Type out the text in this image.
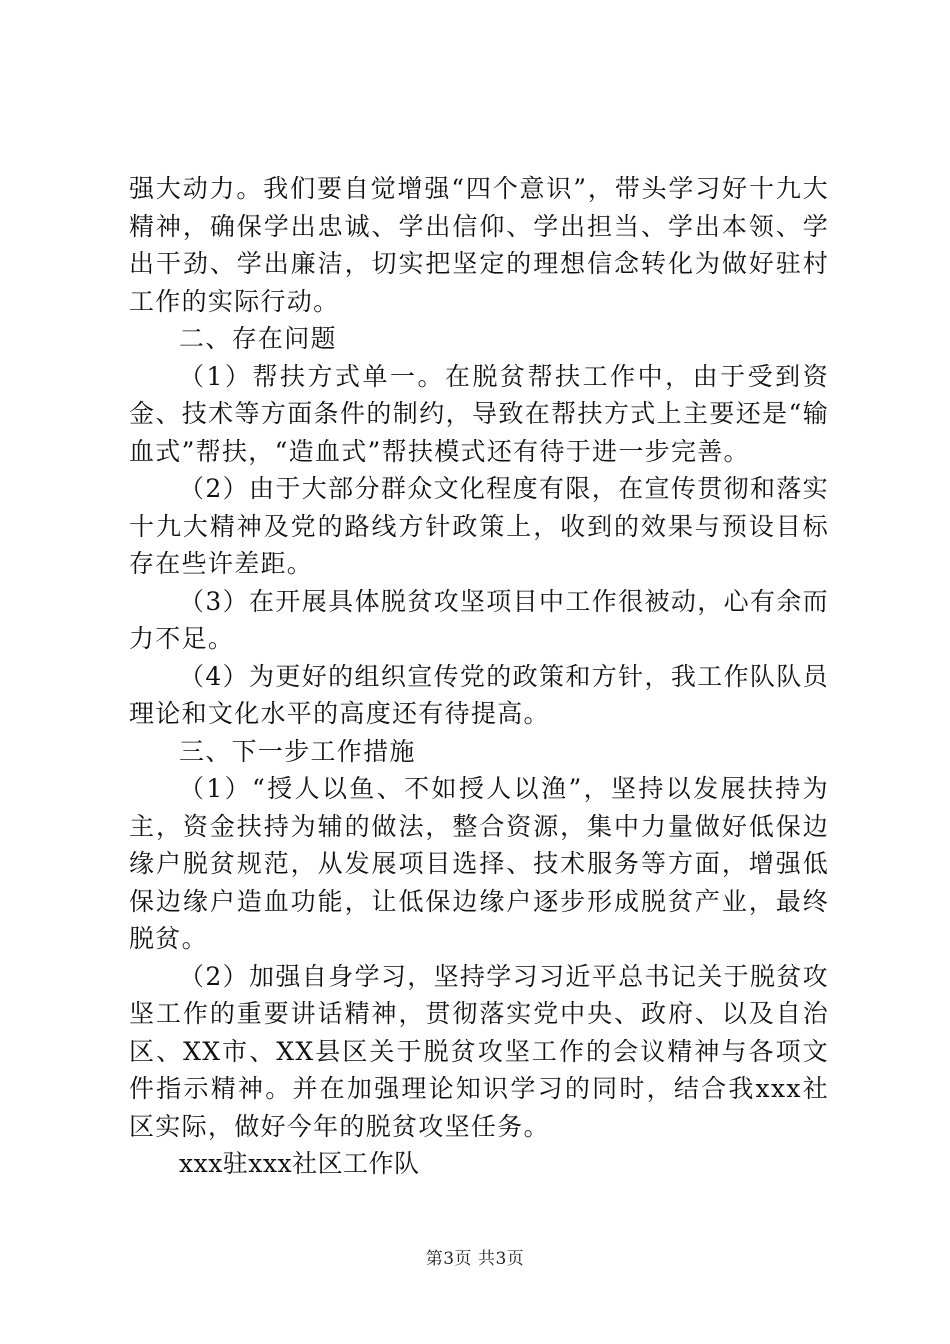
强大动力。我们要自觉增强“四个意识”，带头学习好十九大精神，确保学出忠诚、学出信仰、学出担当、学出本领、学出干劲、学出廉洁，切实把坚定的理想信念转化为做好驻村工作的实际行动。

二、存在问题

（1）帮扶方式单一。在脱贫帮扶工作中，由于受到资金、技术等方面条件的制约，导致在帮扶方式上主要还是“输血式”帮扶，“造血式”帮扶模式还有待于进一步完善。

（2）由于大部分群众文化程度有限，在宣传贯彻和落实十九大精神及党的路线方针政策上，收到的效果与预设目标存在些许差距。

（3）在开展具体脱贫攻坚项目中工作很被动，心有余而力不足。

（4）为更好的组织宣传党的政策和方针，我工作队队员理论和文化水平的高度还有待提高。

三、下一步工作措施

（1）“授人以鱼、不如授人以渔”，坚持以发展扶持为主，资金扶持为辅的做法，整合资源，集中力量做好低保边缘户脱贫规范，从发展项目选择、技术服务等方面，增强低保边缘户造血功能，让低保边缘户逐步形成脱贫产业，最终脱贫。

（2）加强自身学习，坚持学习习近平总书记关于脱贫攻坚工作的重要讲话精神，贯彻落实党中央、政府、以及自治区、XX市、XX县区关于脱贫攻坚工作的会议精神与各项文件指示精神。并在加强理论知识学习的同时，结合我xxx社区实际，做好今年的脱贫攻坚任务。

xxx驻xxx社区工作队

第3页 共3页
